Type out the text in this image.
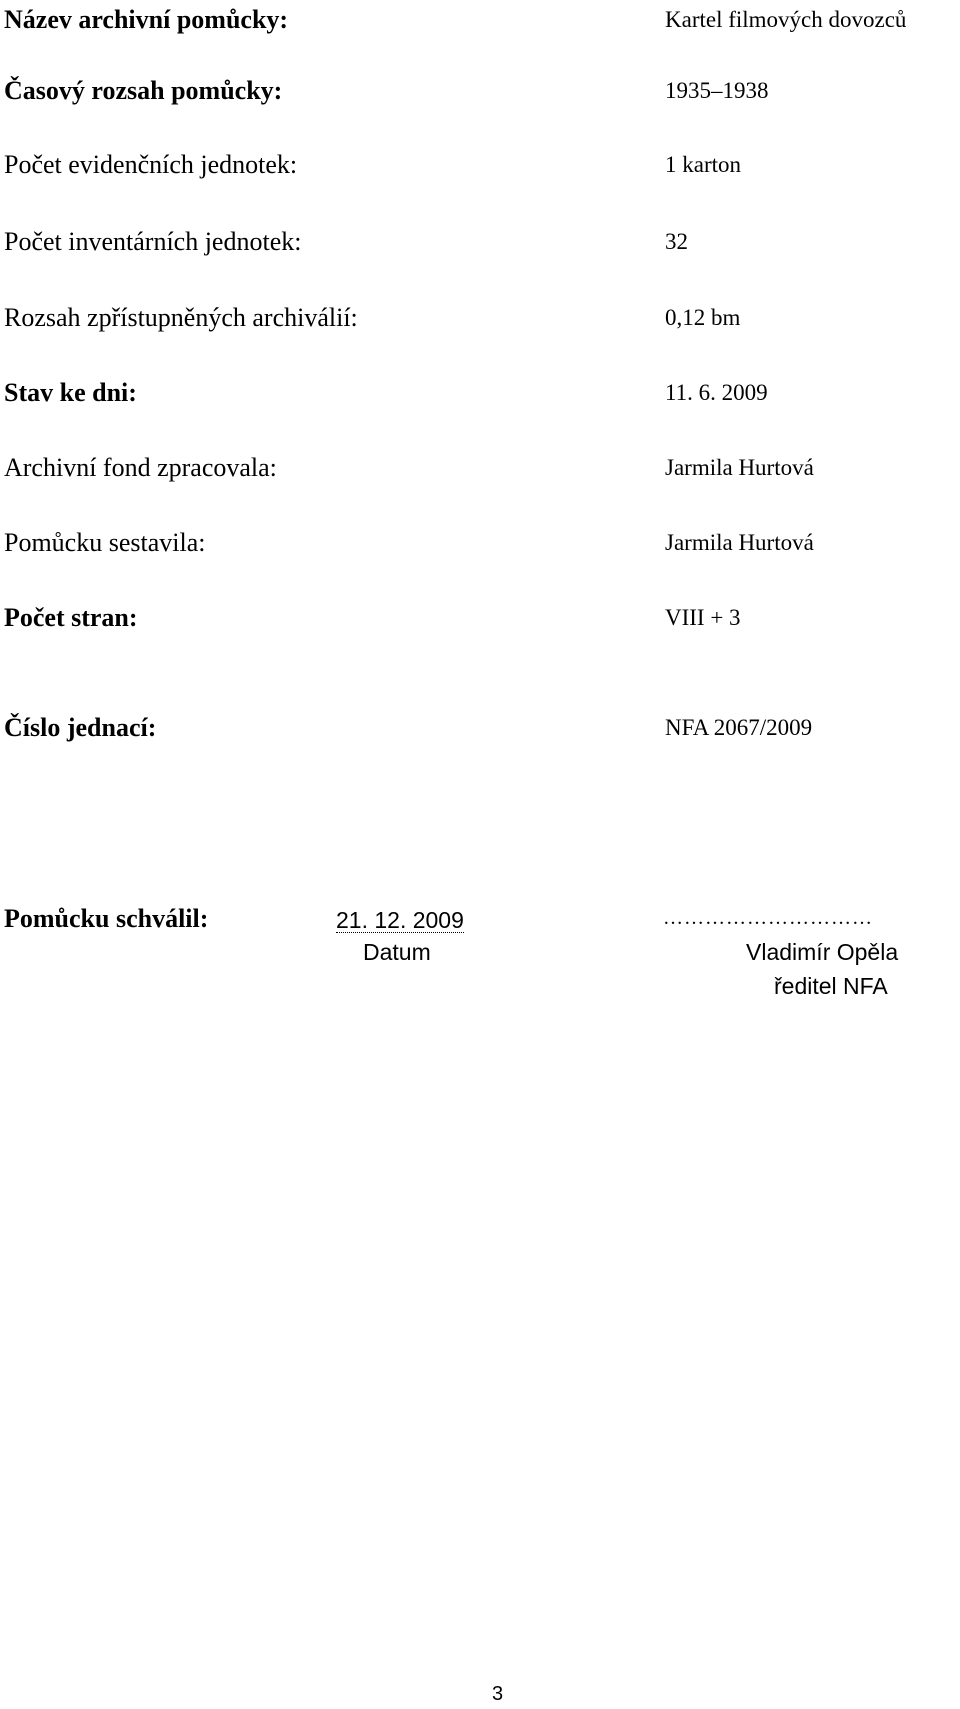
Název archivní pomůcky:	Kartel filmových dovozců
Časový rozsah pomůcky:	1935–1938
Počet evidenčních jednotek:	1 karton
Počet inventárních jednotek:	32
Rozsah zpřístupněných archiválií:	0,12 bm
Stav ke dni:	11. 6. 2009
Archivní fond zpracovala:	Jarmila Hurtová
Pomůcku sestavila:	Jarmila Hurtová
Počet stran:	VIII + 3
Číslo jednací:	NFA 2067/2009
Pomůcku schválil:	21. 12. 2009
Datum
…………………………
Vladimír Opěla
ředitel NFA
3
